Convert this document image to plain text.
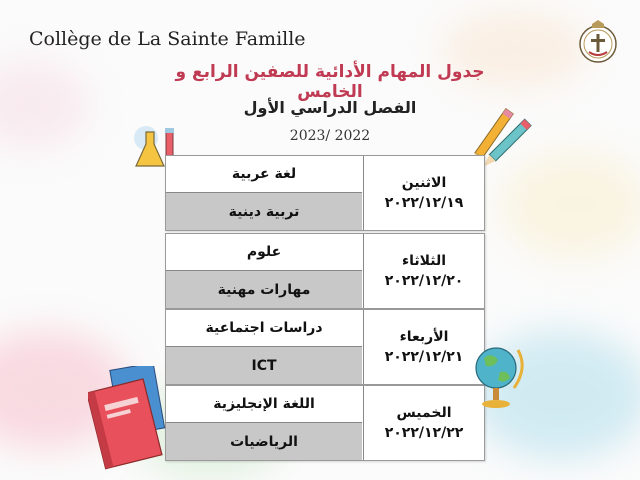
Collège de La Sainte Famille
جدول المهام الأدائية للصفين الرابع و الخامس
الفصل الدراسي الأول
2023/ 2022
لغة عربية
تربية دينية
الاثنين
٢٠٢٢/١٢/١٩
علوم
مهارات مهنية
الثلاثاء
٢٠٢٢/١٢/٢٠
دراسات اجتماعية
ICT
الأربعاء
٢٠٢٢/١٢/٢١
اللغة الإنجليزية
الرياضيات
الخميس
٢٠٢٢/١٢/٢٢
